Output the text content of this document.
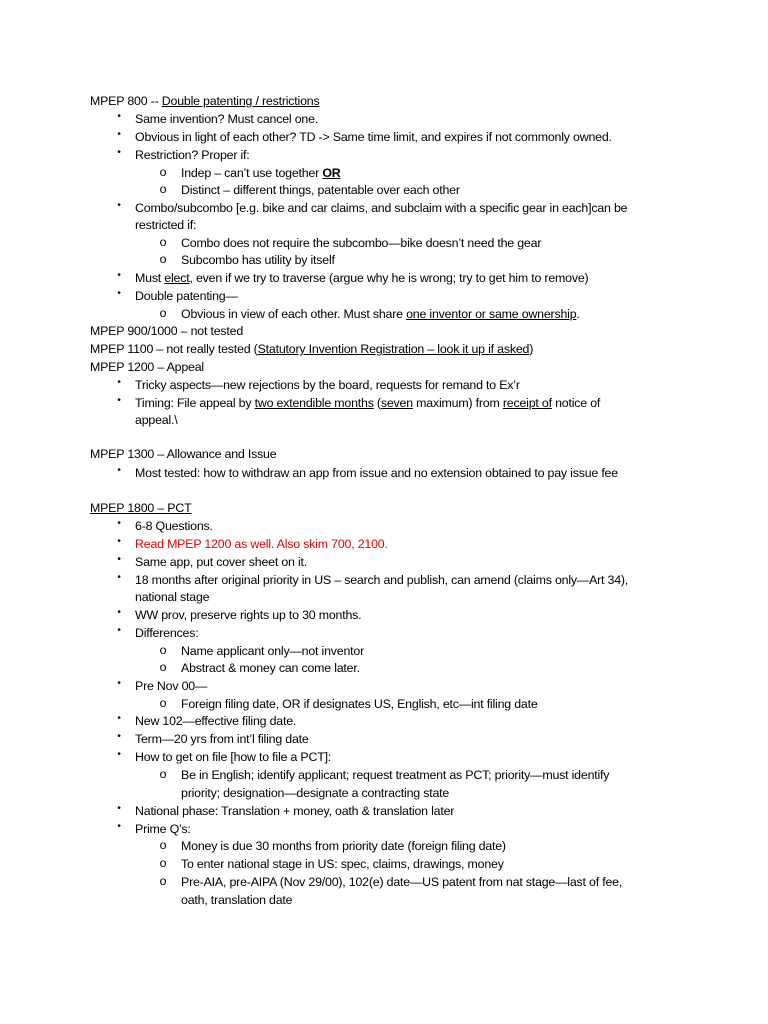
MPEP 800 -- Double patenting / restrictions
• Same invention? Must cancel one.
• Obvious in light of each other? TD -> Same time limit, and expires if not commonly owned.
• Restriction? Proper if:
o Indep – can’t use together OR
o Distinct – different things, patentable over each other
• Combo/subcombo [e.g. bike and car claims, and subclaim with a specific gear in each]can be
restricted if:
o Combo does not require the subcombo—bike doesn’t need the gear
o Subcombo has utility by itself
• Must elect, even if we try to traverse (argue why he is wrong; try to get him to remove)
• Double patenting—
o Obvious in view of each other. Must share one inventor or same ownership.
MPEP 900/1000 – not tested
MPEP 1100 – not really tested (Statutory Invention Registration – look it up if asked)
MPEP 1200 – Appeal
• Tricky aspects—new rejections by the board, requests for remand to Ex’r
• Timing: File appeal by two extendible months (seven maximum) from receipt of notice of
appeal.\
MPEP 1300 – Allowance and Issue
• Most tested: how to withdraw an app from issue and no extension obtained to pay issue fee
MPEP 1800 – PCT
• 6-8 Questions.
• Read MPEP 1200 as well. Also skim 700, 2100.
• Same app, put cover sheet on it.
• 18 months after original priority in US – search and publish, can amend (claims only—Art 34),
national stage
• WW prov, preserve rights up to 30 months.
• Differences:
o Name applicant only—not inventor
o Abstract & money can come later.
• Pre Nov 00—
o Foreign filing date, OR if designates US, English, etc—int filing date
• New 102—effective filing date.
• Term—20 yrs from int’l filing date
• How to get on file [how to file a PCT]:
o Be in English; identify applicant; request treatment as PCT; priority—must identify
priority; designation—designate a contracting state
• National phase: Translation + money, oath & translation later
• Prime Q’s:
o Money is due 30 months from priority date (foreign filing date)
o To enter national stage in US: spec, claims, drawings, money
o Pre-AIA, pre-AIPA (Nov 29/00), 102(e) date—US patent from nat stage—last of fee,
oath, translation date
